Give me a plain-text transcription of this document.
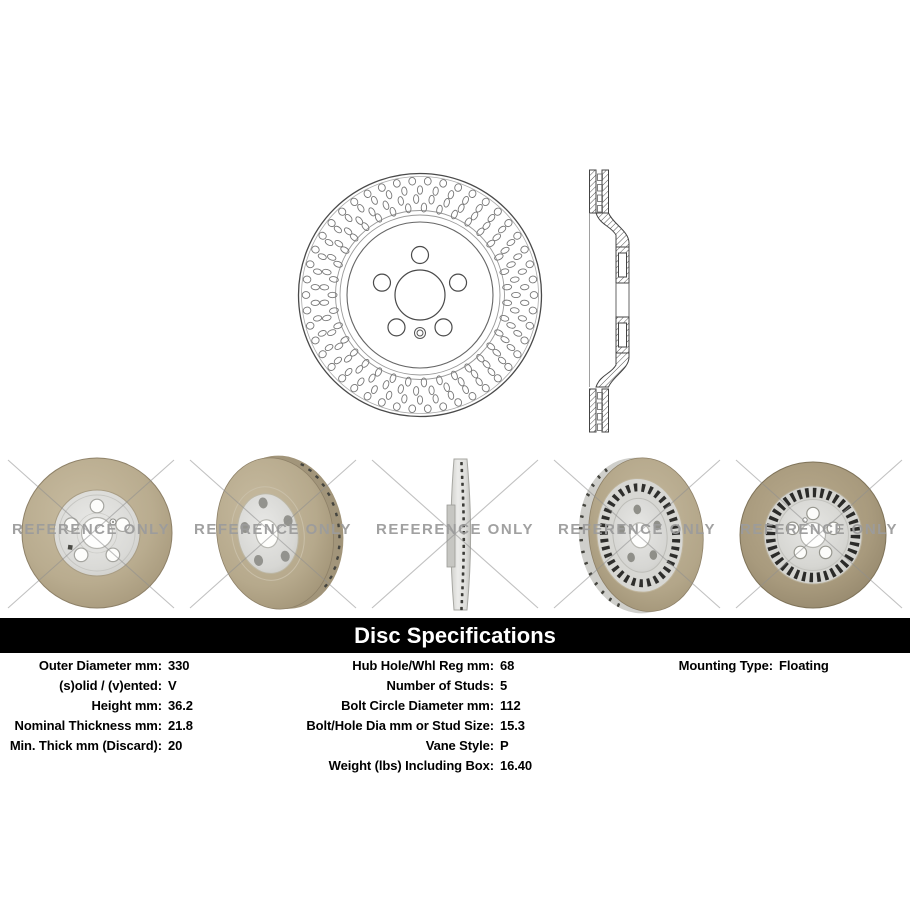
REFERENCE ONLY	REFERENCE ONLY	REFERENCE ONLY	REFERENCE ONLY	REFERENCE ONLY
Disc Specifications
Outer Diameter mm: 330
(s)olid / (v)ented: V
Height mm: 36.2
Nominal Thickness mm: 21.8
Min. Thick mm (Discard): 20
Hub Hole/Whl Reg mm: 68
Number of Studs: 5
Bolt Circle Diameter mm: 112
Bolt/Hole Dia mm or Stud Size: 15.3
Vane Style: P
Weight (lbs) Including Box: 16.40
Mounting Type: Floating
